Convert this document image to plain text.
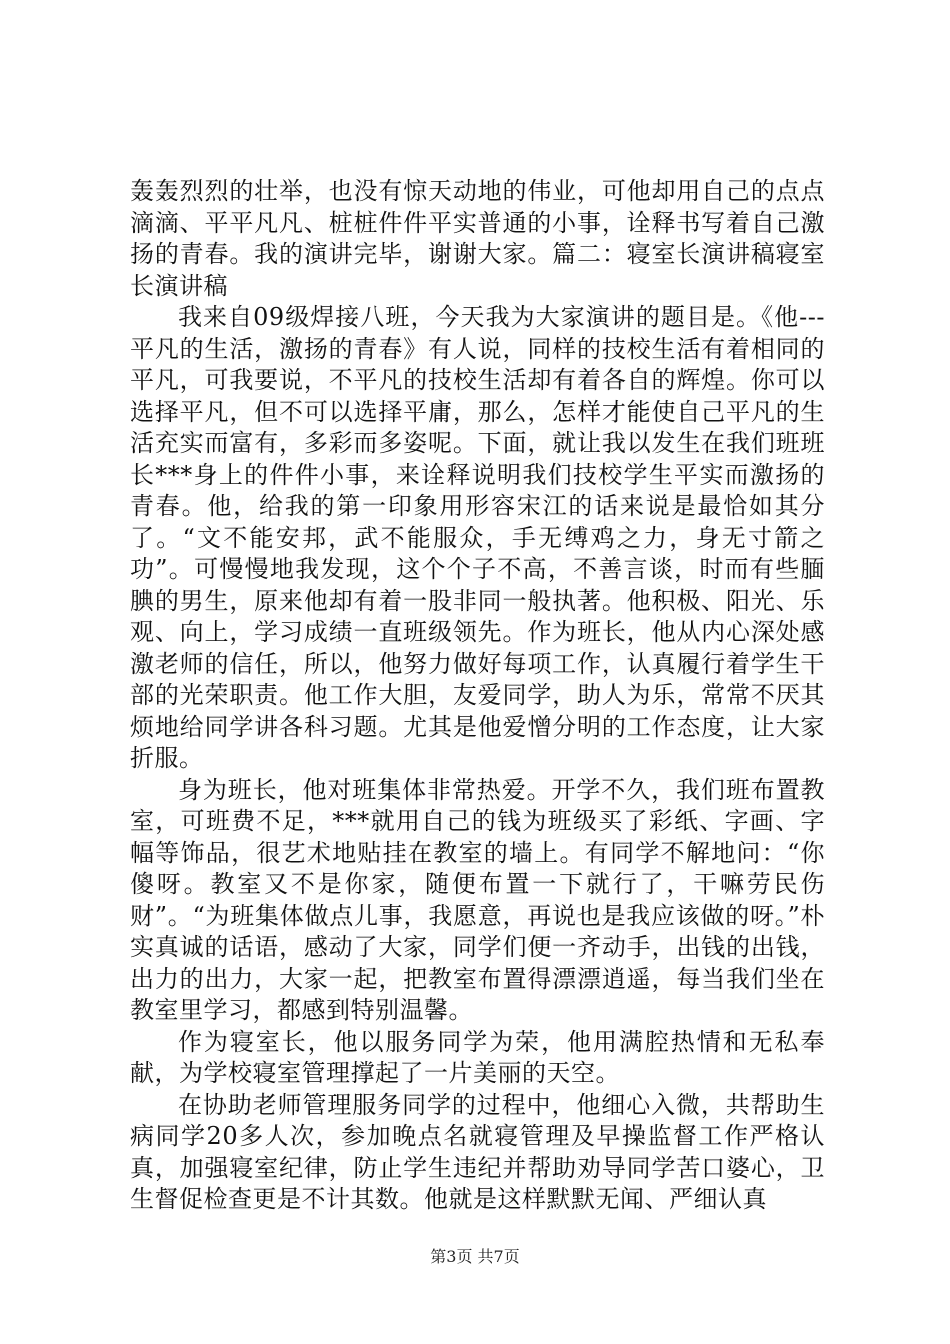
轰轰烈烈的壮举，也没有惊天动地的伟业，可他却用自己的点点滴滴、平平凡凡、桩桩件件平实普通的小事，诠释书写着自己激扬的青春。我的演讲完毕，谢谢大家。篇二：寝室长演讲稿寝室长演讲稿

我来自09级焊接八班，今天我为大家演讲的题目是。《他---平凡的生活，激扬的青春》有人说，同样的技校生活有着相同的平凡，可我要说，不平凡的技校生活却有着各自的辉煌。你可以选择平凡，但不可以选择平庸，那么，怎样才能使自己平凡的生活充实而富有，多彩而多姿呢。下面，就让我以发生在我们班班长***身上的件件小事，来诠释说明我们技校学生平实而激扬的青春。他，给我的第一印象用形容宋江的话来说是最恰如其分了。“文不能安邦，武不能服众，手无缚鸡之力，身无寸箭之功”。可慢慢地我发现，这个个子不高，不善言谈，时而有些腼腆的男生，原来他却有着一股非同一般执著。他积极、阳光、乐观、向上，学习成绩一直班级领先。作为班长，他从内心深处感激老师的信任，所以，他努力做好每项工作，认真履行着学生干部的光荣职责。他工作大胆，友爱同学，助人为乐，常常不厌其烦地给同学讲各科习题。尤其是他爱憎分明的工作态度，让大家折服。

身为班长，他对班集体非常热爱。开学不久，我们班布置教室，可班费不足，***就用自己的钱为班级买了彩纸、字画、字幅等饰品，很艺术地贴挂在教室的墙上。有同学不解地问：“你傻呀。教室又不是你家，随便布置一下就行了，干嘛劳民伤财”。“为班集体做点儿事，我愿意，再说也是我应该做的呀。”朴实真诚的话语，感动了大家，同学们便一齐动手，出钱的出钱，出力的出力，大家一起，把教室布置得漂漂逍遥，每当我们坐在教室里学习，都感到特别温馨。

作为寝室长，他以服务同学为荣，他用满腔热情和无私奉献，为学校寝室管理撑起了一片美丽的天空。

在协助老师管理服务同学的过程中，他细心入微，共帮助生病同学20多人次，参加晚点名就寝管理及早操监督工作严格认真，加强寝室纪律，防止学生违纪并帮助劝导同学苦口婆心，卫生督促检查更是不计其数。他就是这样默默无闻、严细认真

第3页 共7页
